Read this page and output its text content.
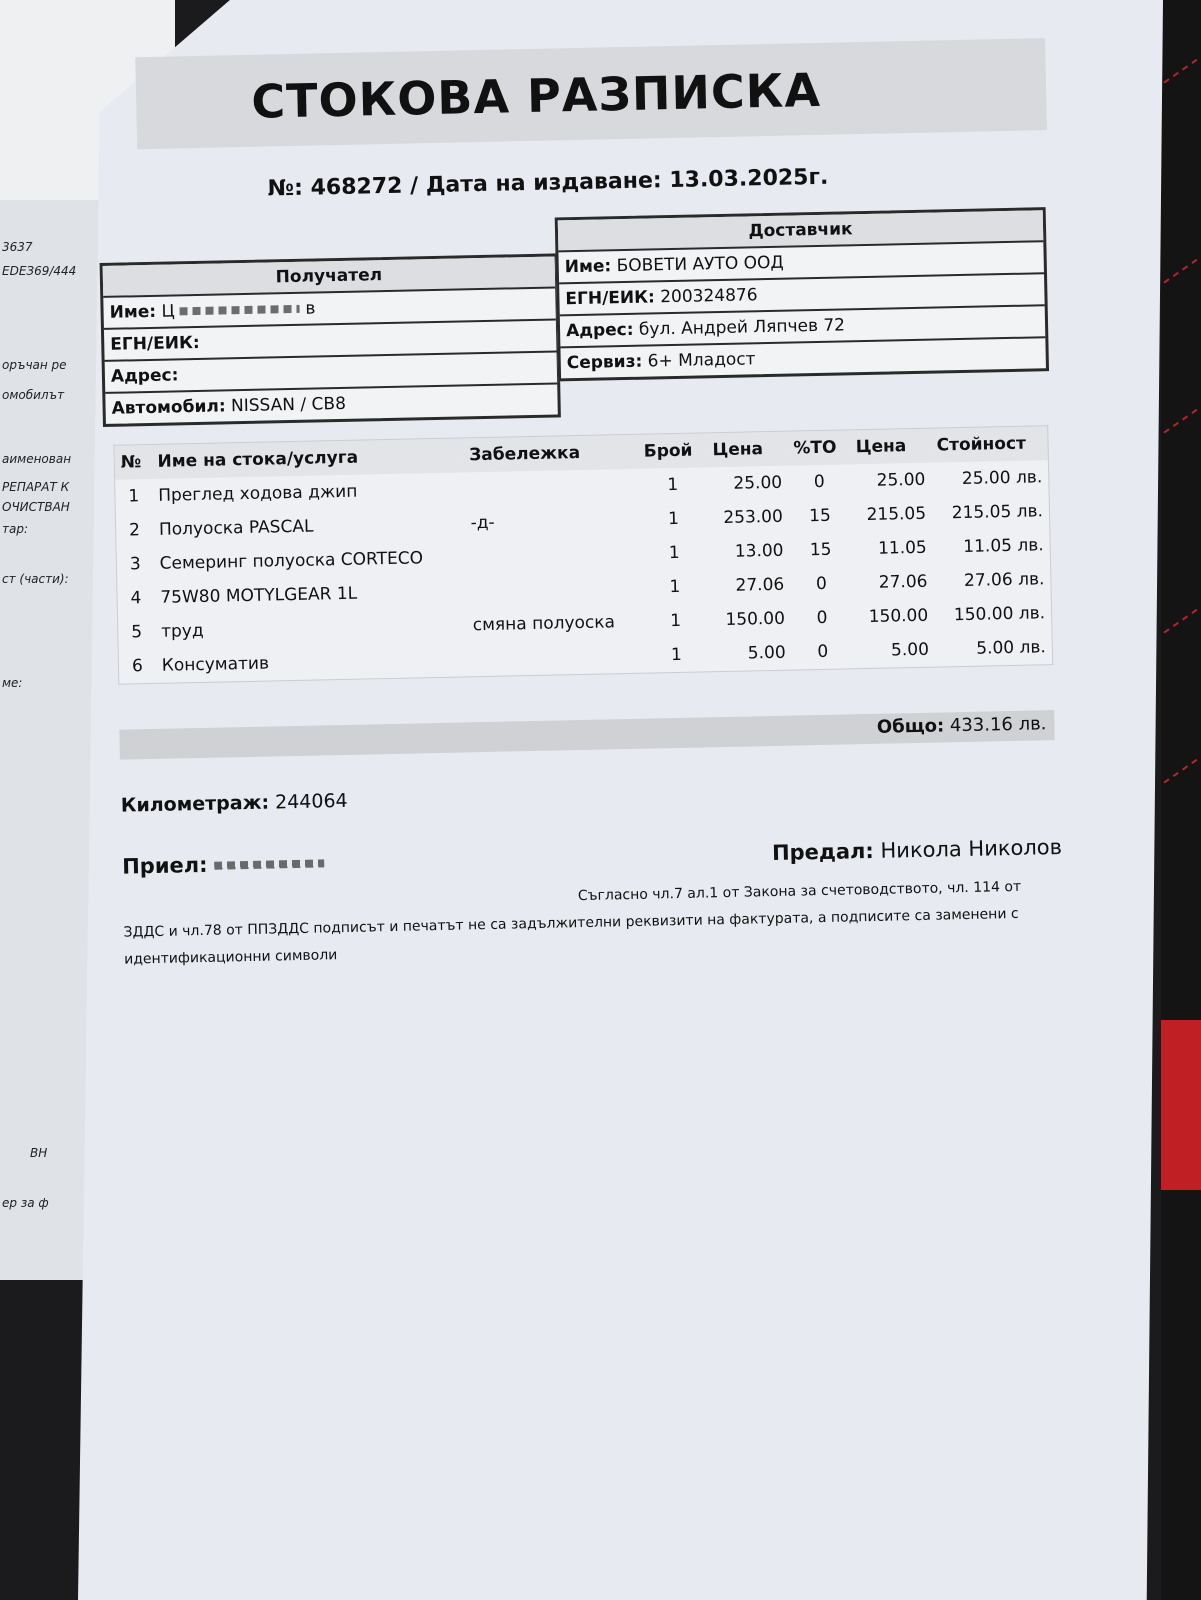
3637
ЕDЕЗ69/444
оръчан ре
омобилът
аименован
РЕПАРАТ К
ОЧИСТВАН
тар:
ст (части):
ме:
ВН
ер за ф
СТОКОВА РАЗПИСКА
№: 468272 / Дата на издаване: 13.03.2025г.
Получател
Име: Ц	в
ЕГН/ЕИК:
Адрес:
Автомобил: NISSAN / CB8
Доставчик
Име: БОВЕТИ АУТО ООД
ЕГН/ЕИК: 200324876
Адрес: бул. Андрей Ляпчев 72
Сервиз: 6+ Младост
№	Име на стока/услуга	Забележка	Брой	Цена	%ТО	Цена	Стойност
1	Преглед ходова джип		1	25.00	0	25.00	25.00 лв.
2	Полуоска PASCAL	-д-	1	253.00	15	215.05	215.05 лв.
3	Семеринг полуоска CORTECO		1	13.00	15	11.05	11.05 лв.
4	75W80 MOTYLGEAR 1L		1	27.06	0	27.06	27.06 лв.
5	труд	смяна полуоска	1	150.00	0	150.00	150.00 лв.
6	Консуматив		1	5.00	0	5.00	5.00 лв.
Общо: 433.16 лв.
Километраж: 244064
Приел:
Предал: Никола Николов
Съгласно чл.7 ал.1 от Закона за счетоводството, чл. 114 от ЗДДС и чл.78 от ППЗДДС подписът и печатът не са задължителни реквизити на фактурата, а подписите са заменени с идентификационни символи
